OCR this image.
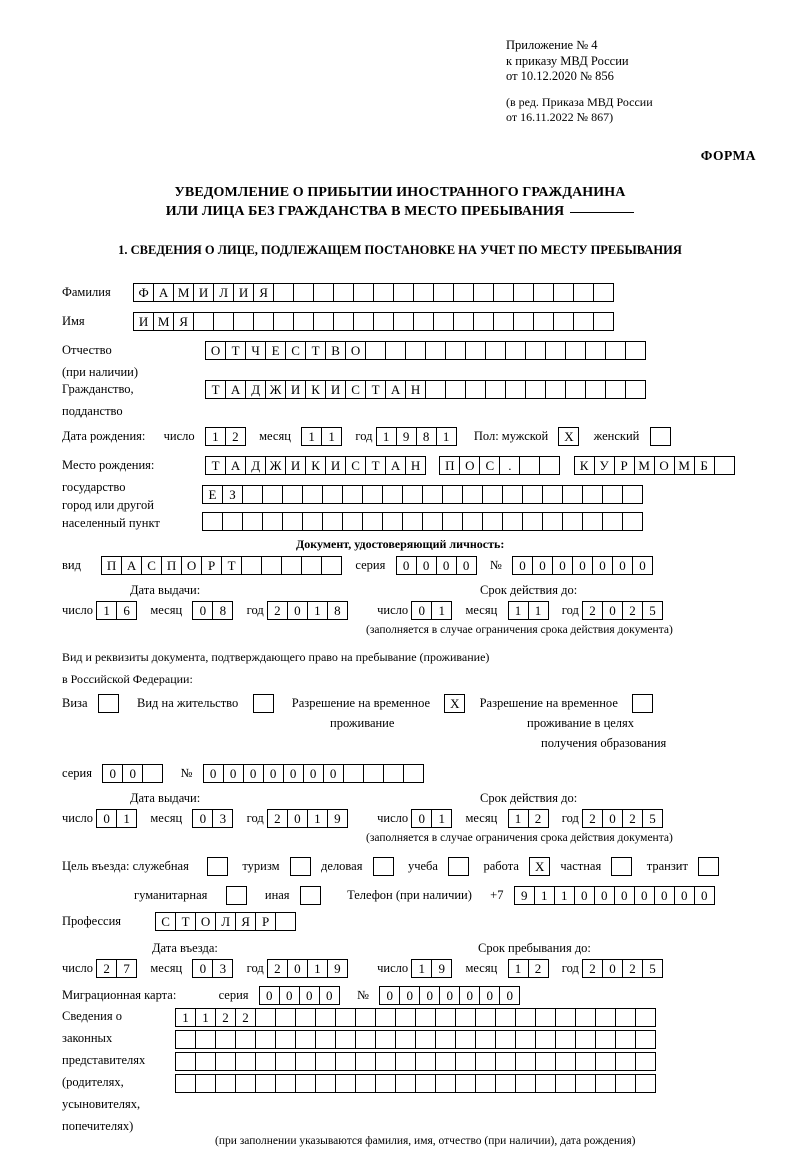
Приложение № 4
к приказу МВД России
от 10.12.2020 № 856
(в ред. Приказа МВД России
от 16.11.2022 № 867)
ФОРМА
УВЕДОМЛЕНИЕ О ПРИБЫТИИ ИНОСТРАННОГО ГРАЖДАНИНА
ИЛИ ЛИЦА БЕЗ ГРАЖДАНСТВА В МЕСТО ПРЕБЫВАНИЯ
1. СВЕДЕНИЯ О ЛИЦЕ, ПОДЛЕЖАЩЕМ ПОСТАНОВКЕ НА УЧЕТ ПО МЕСТУ ПРЕБЫВАНИЯ
Фамилия	Ф А М И Л И Я
Имя	И М Я
Отчество	О Т Ч Е С Т В О
(при наличии)
Гражданство,	Т А Д Ж И К И С Т А Н
подданство
Дата рождения: число	1	2	месяц	1	1	год 1	9	8	1	Пол: мужской X женский
Место рождения:	Т А Д Ж И К И С Т А Н
	П О С	.
	К У Р М О М Б
государство	Е З
город или другой
населенный пункт
Документ, удостоверяющий личность:
вид	П А С П О Р Т	серия	0	0	0	0	№	0	0	0	0	0	0	0
Дата выдачи:	Срок действия до:
число 1	6	месяц	0	8	год 2	0	1	8	число 0	1	месяц	1	1	год 2	0	2	5
(заполняется в случае ограничения срока действия документа)
Вид и реквизиты документа, подтверждающего право на пребывание (проживание)
в Российской Федерации:
Виза	Вид на жительство	Разрешение на временное X Разрешение на временное
проживание	проживание в целях
получения образования
серия	0	0	№	0	0	0	0	0	0	0
Дата выдачи:	Срок действия до:
число 0	1	месяц	0	3	год 2	0	1	9	число 0	1	месяц	1	2	год 2	0	2	5
(заполняется в случае ограничения срока действия документа)
Цель въезда: служебная	туризм	деловая	учеба	работа X частная	транзит
гуманитарная	иная	Телефон (при наличии) +7	9	1	1	0	0	0	0	0	0	0
Профессия	С Т О Л Я Р
Дата въезда:	Срок пребывания до:
число 2	7	месяц	0	3	год 2	0	1	9	число 1	9	месяц	1	2	год 2	0	2	5
Миграционная карта:	серия	0	0	0	0	№	0	0	0	0	0	0	0
Сведения о
законных
представителях
(родителях,
усыновителях,
попечителях)
1	1	2	2
(при заполнении указываются фамилия, имя, отчество (при наличии), дата рождения)
